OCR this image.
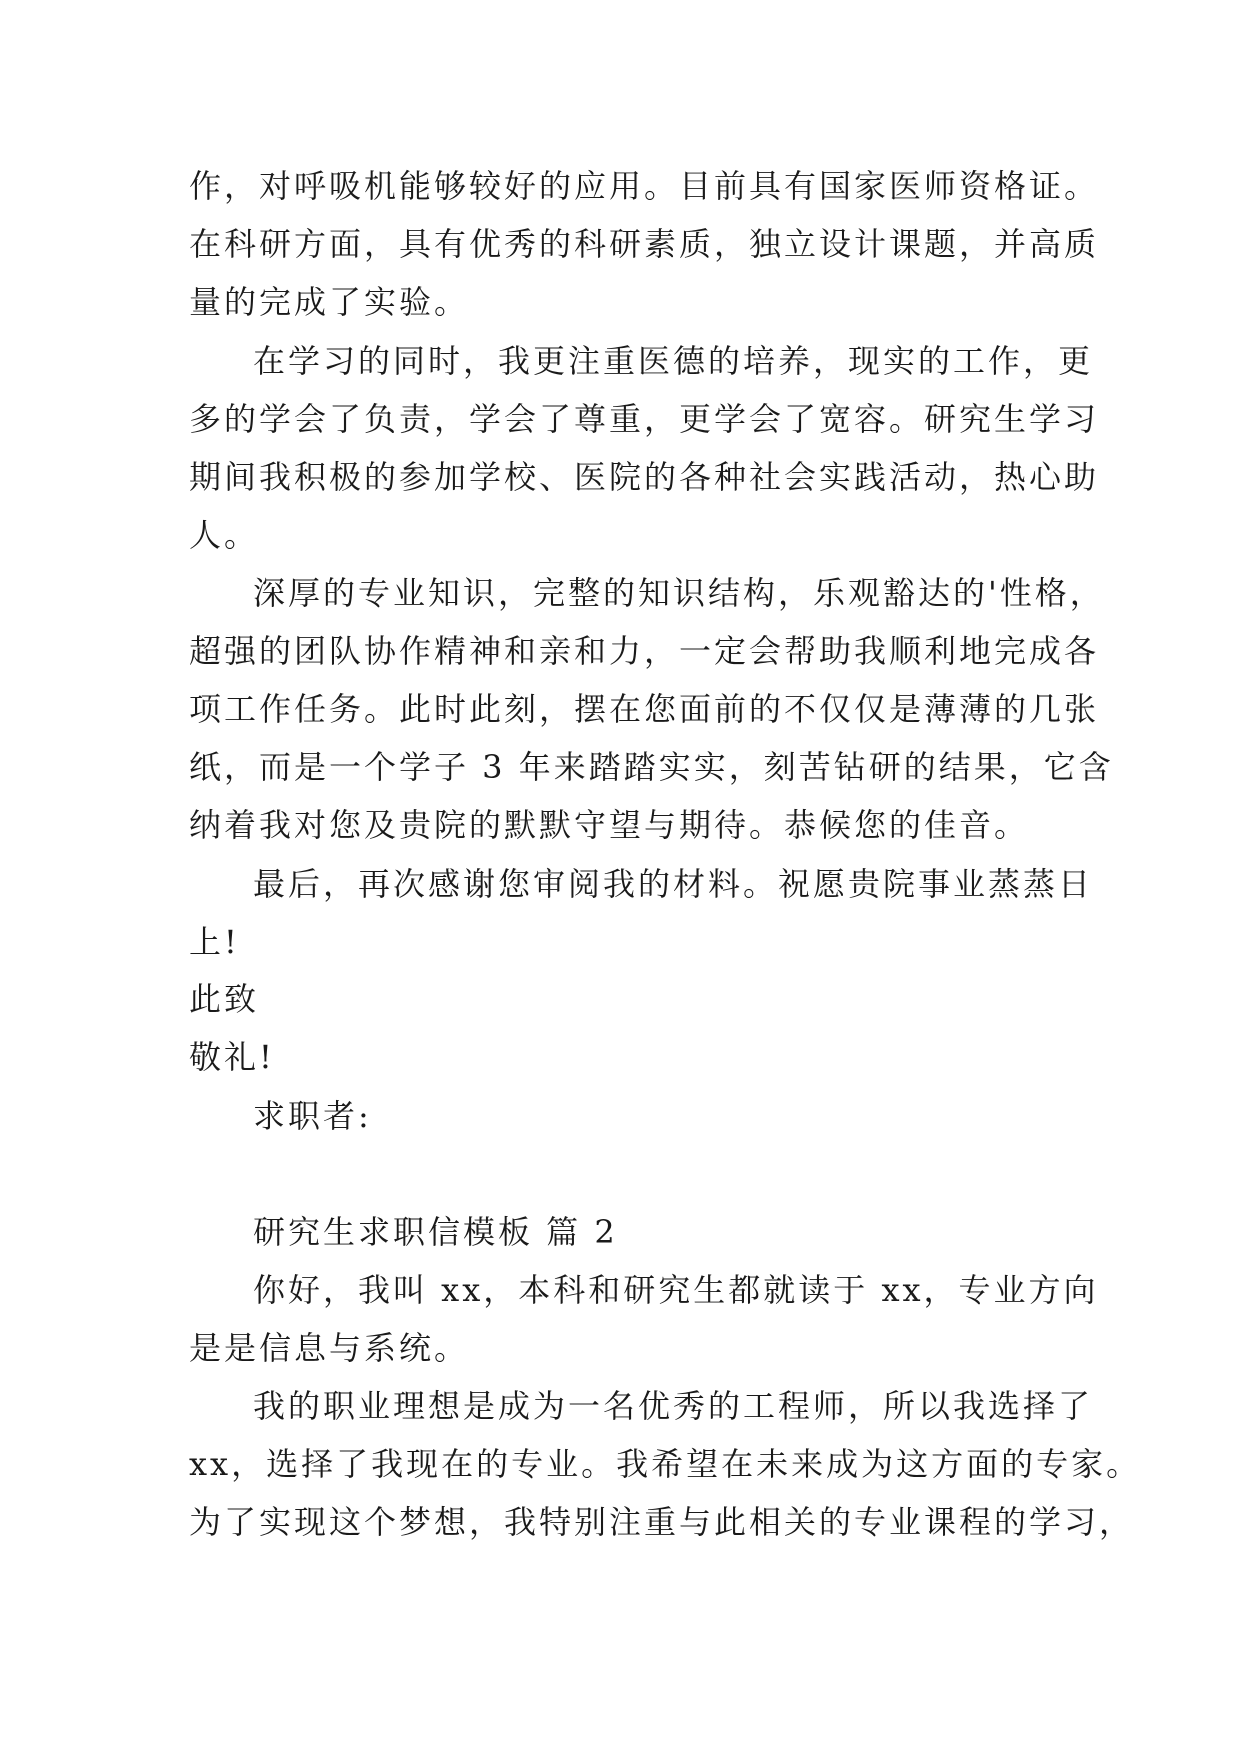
作，对呼吸机能够较好的应用。目前具有国家医师资格证。
在科研方面，具有优秀的科研素质，独立设计课题，并高质
量的完成了实验。
在学习的同时，我更注重医德的培养，现实的工作，更
多的学会了负责，学会了尊重，更学会了宽容。研究生学习
期间我积极的参加学校、医院的各种社会实践活动，热心助
人。
深厚的专业知识，完整的知识结构，乐观豁达的'性格，
超强的团队协作精神和亲和力，一定会帮助我顺利地完成各
项工作任务。此时此刻，摆在您面前的不仅仅是薄薄的几张
纸，而是一个学子 3 年来踏踏实实，刻苦钻研的结果，它含
纳着我对您及贵院的默默守望与期待。恭候您的佳音。
最后，再次感谢您审阅我的材料。祝愿贵院事业蒸蒸日
上!
此致
敬礼!
求职者:
研究生求职信模板 篇 2
你好，我叫 xx，本科和研究生都就读于 xx，专业方向
是是信息与系统。
我的职业理想是成为一名优秀的工程师，所以我选择了
xx，选择了我现在的专业。我希望在未来成为这方面的专家。
为了实现这个梦想，我特别注重与此相关的专业课程的学习，
